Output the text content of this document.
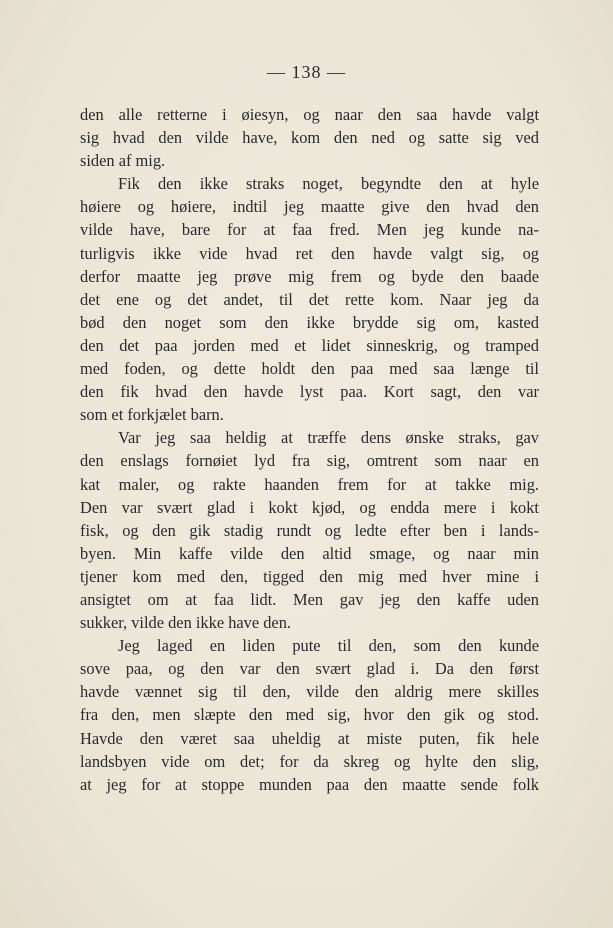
— 138 —
den alle retterne i øiesyn, og naar den saa havde valgt
sig hvad den vilde have, kom den ned og satte sig ved
siden af mig.
Fik den ikke straks noget, begyndte den at hyle
høiere og høiere, indtil jeg maatte give den hvad den
vilde have, bare for at faa fred. Men jeg kunde na-
turligvis ikke vide hvad ret den havde valgt sig, og
derfor maatte jeg prøve mig frem og byde den baade
det ene og det andet, til det rette kom. Naar jeg da
bød den noget som den ikke brydde sig om, kasted
den det paa jorden med et lidet sinneskrig, og tramped
med foden, og dette holdt den paa med saa længe til
den fik hvad den havde lyst paa. Kort sagt, den var
som et forkjælet barn.
Var jeg saa heldig at træffe dens ønske straks, gav
den enslags fornøiet lyd fra sig, omtrent som naar en
kat maler, og rakte haanden frem for at takke mig.
Den var svært glad i kokt kjød, og endda mere i kokt
fisk, og den gik stadig rundt og ledte efter ben i lands-
byen. Min kaffe vilde den altid smage, og naar min
tjener kom med den, tigged den mig med hver mine i
ansigtet om at faa lidt. Men gav jeg den kaffe uden
sukker, vilde den ikke have den.
Jeg laged en liden pute til den, som den kunde
sove paa, og den var den svært glad i. Da den først
havde vænnet sig til den, vilde den aldrig mere skilles
fra den, men slæpte den med sig, hvor den gik og stod.
Havde den været saa uheldig at miste puten, fik hele
landsbyen vide om det; for da skreg og hylte den slig,
at jeg for at stoppe munden paa den maatte sende folk
